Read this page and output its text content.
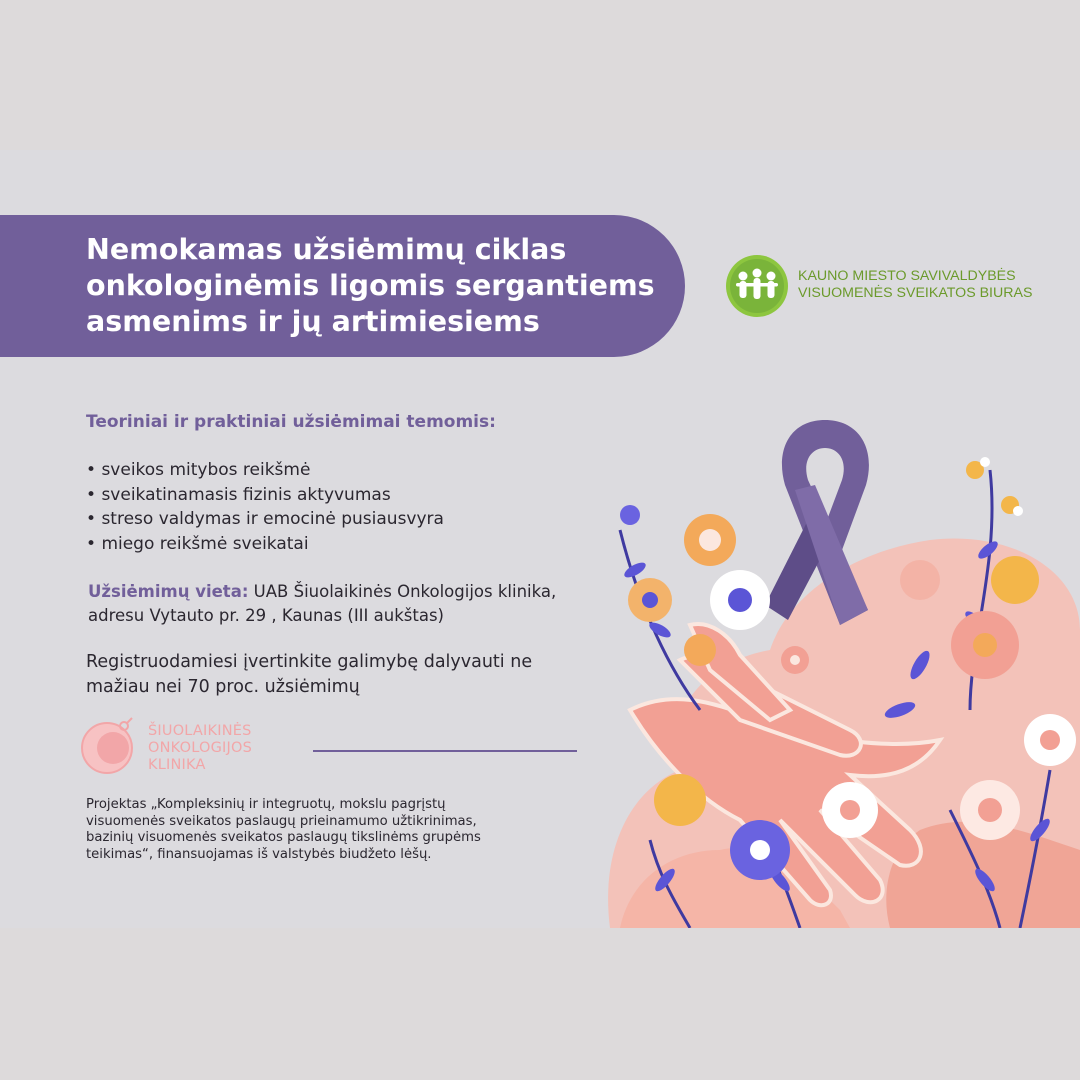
Nemokamas užsiėmimų ciklas onkologinėmis ligomis sergantiems asmenims ir jų artimiesiems
KAUNO MIESTO SAVIVALDYBĖS
VISUOMENĖS SVEIKATOS BIURAS
Teoriniai ir praktiniai užsiėmimai temomis:
• sveikos mitybos reikšmė
• sveikatinamasis fizinis aktyvumas
• streso valdymas ir emocinė pusiausvyra
• miego reikšmė sveikatai

Užsiėmimų vieta: UAB Šiuolaikinės Onkologijos klinika,
adresu Vytauto pr. 29 , Kaunas (III aukštas)

Registruodamiesi įvertinkite galimybę dalyvauti ne mažiau nei 70 proc. užsiėmimų

ŠIUOLAIKINĖS
ONKOLOGIJOS
KLINIKA

Projektas „Kompleksinių ir integruotų, mokslu pagrįstų visuomenės sveikatos paslaugų prieinamumo užtikrinimas, bazinių visuomenės sveikatos paslaugų tikslinėms grupėms teikimas“, finansuojamas iš valstybės biudžeto lėšų.
